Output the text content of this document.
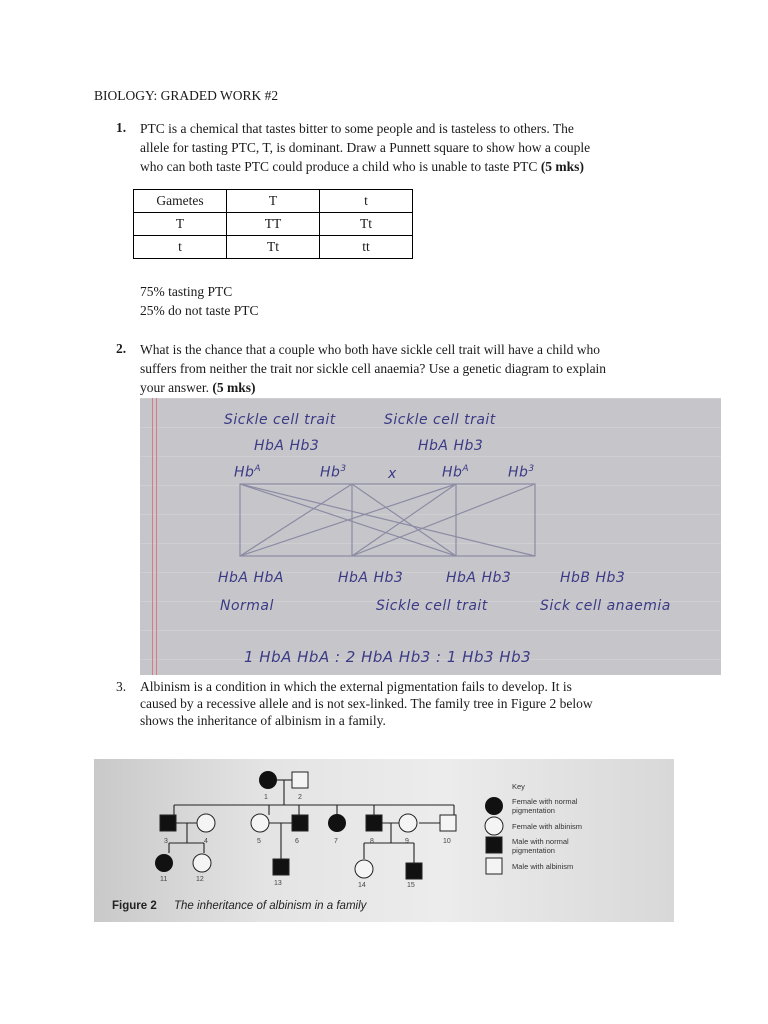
BIOLOGY: GRADED WORK #2
1. PTC is a chemical that tastes bitter to some people and is tasteless to others. The
allele for tasting PTC, T, is dominant. Draw a Punnett square to show how a couple
who can both taste PTC could produce a child who is unable to taste PTC (5 mks)
Gametes	T	t
T	TT	Tt
t	Tt	tt
75% tasting PTC
25% do not taste PTC
2. What is the chance that a couple who both have sickle cell trait will have a child who
suffers from neither the trait nor sickle cell anaemia? Use a genetic diagram to explain
your answer. (5 mks)
Sickle cell trait	Sickle cell trait
HbA Hb3	HbA Hb3
$Hb^A$	Hb$^3$	x	$Hb^A$	Hb$^3$
HbA HbA	HbA Hb3	HbA Hb3	HbB Hb3
Normal	Sickle cell trait	Sick cell anaemia
1 HbA HbA : 2 HbA Hb3 : 1 Hb3 Hb3
3. Albinism is a condition in which the external pigmentation fails to develop. It is
caused by a recessive allele and is not sex-linked. The family tree in Figure 2 below
shows the inheritance of albinism in a family.
1	2
3	4	5	6	7	8	9	10
11	12
13	14	15
Key
Female with normal
pigmentation
Female with albinism
Male with normal
pigmentation
Male with albinism
Figure 2 The inheritance of albinism in a family
